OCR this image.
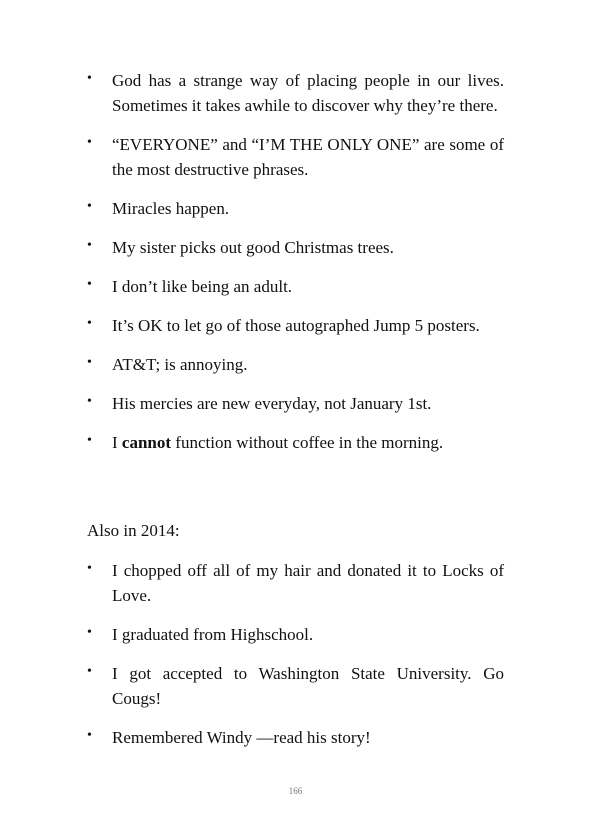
• God has a strange way of placing people in our lives. Sometimes it takes awhile to discover why they’re there.
• “EVERYONE” and “I’M THE ONLY ONE” are some of the most destructive phrases.
• Miracles happen.
• My sister picks out good Christmas trees.
• I don’t like being an adult.
• It’s OK to let go of those autographed Jump 5 posters.
• AT&T; is annoying.
• His mercies are new everyday, not January 1st.
• I cannot function without coffee in the morning.
Also in 2014:
• I chopped off all of my hair and donated it to Locks of Love.
• I graduated from Highschool.
• I got accepted to Washington State University. Go Cougs!
• Remembered Windy —read his story!
166
